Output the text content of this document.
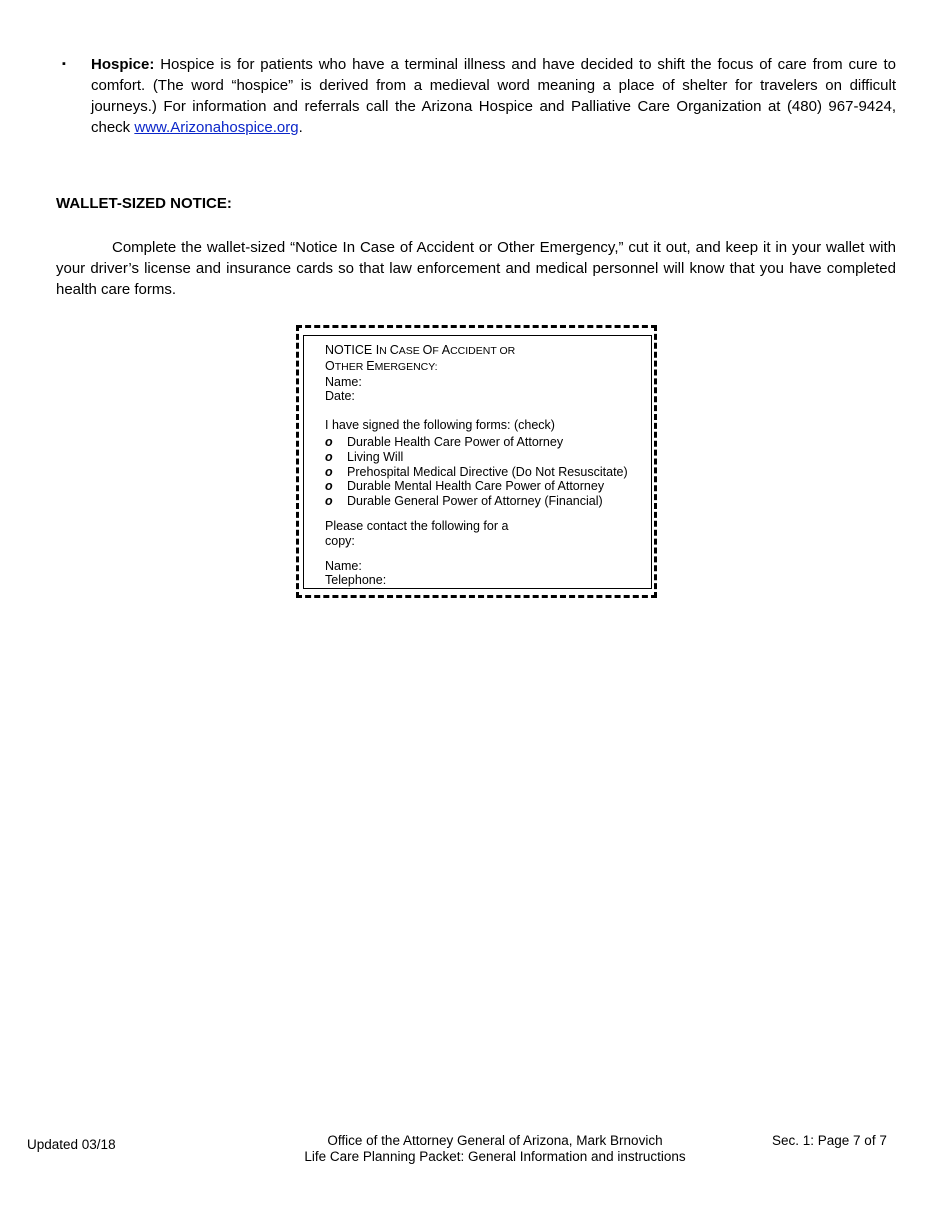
▪ Hospice: Hospice is for patients who have a terminal illness and have decided to shift the focus of care from cure to comfort. (The word “hospice” is derived from a medieval word meaning a place of shelter for travelers on difficult journeys.) For information and referrals call the Arizona Hospice and Palliative Care Organization at (480) 967-9424, check www.Arizonahospice.org.
WALLET-SIZED NOTICE:
Complete the wallet-sized “Notice In Case of Accident or Other Emergency,” cut it out, and keep it in your wallet with your driver’s license and insurance cards so that law enforcement and medical personnel will know that you have completed health care forms.
NOTICE IN CASE OF ACCIDENT OR
OTHER EMERGENCY:
Name:
Date:
I have signed the following forms: (check)
o Durable Health Care Power of Attorney
o Living Will
o Prehospital Medical Directive (Do Not Resuscitate)
o Durable Mental Health Care Power of Attorney
o Durable General Power of Attorney (Financial)
Please contact the following for a
copy:
Name:
Telephone:
Updated 03/18	Office of the Attorney General of Arizona, Mark Brnovich
Life Care Planning Packet: General Information and instructions
Sec. 1: Page 7 of 7
